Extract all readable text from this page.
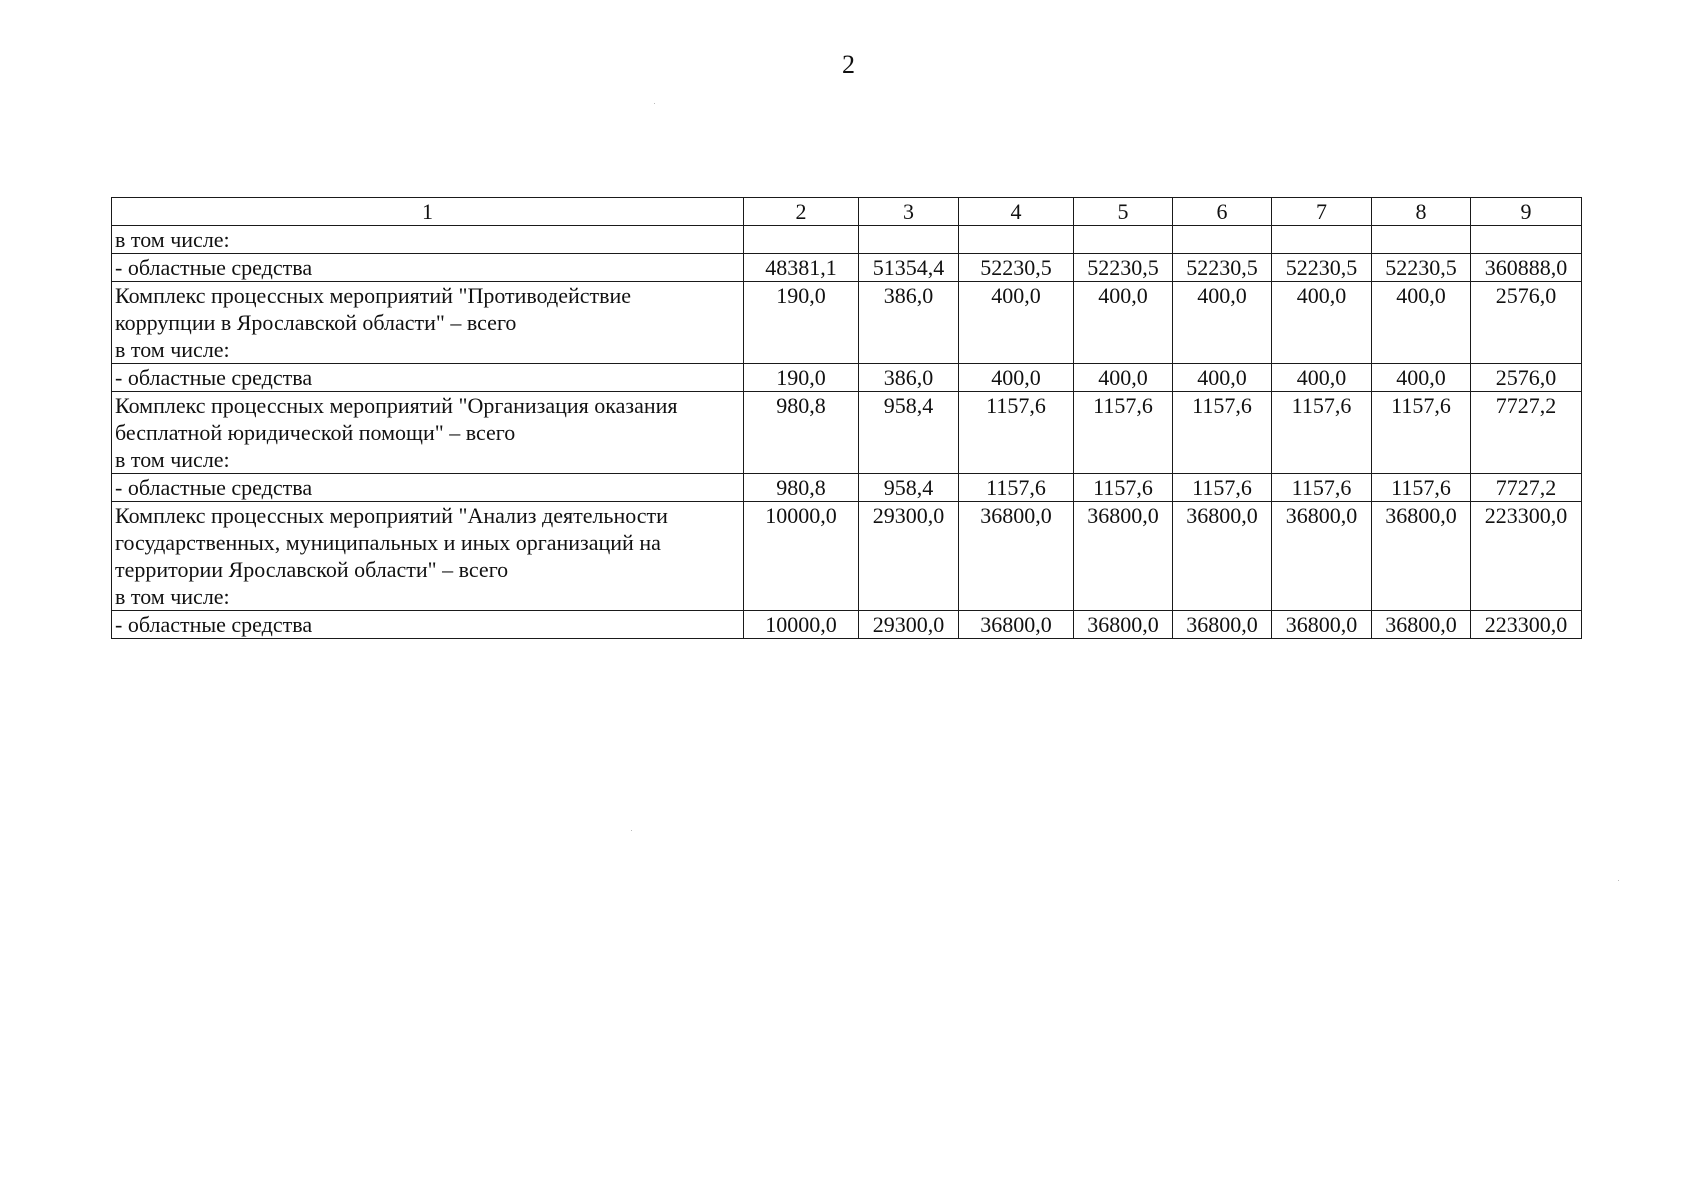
2
1	2	3	4	5	6	7	8	9

в том числе:								

- областные средства	48381,1	51354,4	52230,5	52230,5	52230,5	52230,5	52230,5	360888,0

Комплекс процессных мероприятий "Противодействие
коррупции в Ярославской области" – всего
в том числе:	190,0	386,0	400,0	400,0	400,0	400,0	400,0	2576,0

- областные средства	190,0	386,0	400,0	400,0	400,0	400,0	400,0	2576,0

Комплекс процессных мероприятий "Организация оказания
бесплатной юридической помощи" – всего
в том числе:	980,8	958,4	1157,6	1157,6	1157,6	1157,6	1157,6	7727,2

- областные средства	980,8	958,4	1157,6	1157,6	1157,6	1157,6	1157,6	7727,2

Комплекс процессных мероприятий "Анализ деятельности
государственных, муниципальных и иных организаций на
территории Ярославской области" – всего
в том числе:	10000,0	29300,0	36800,0	36800,0	36800,0	36800,0	36800,0	223300,0

- областные средства	10000,0	29300,0	36800,0	36800,0	36800,0	36800,0	36800,0	223300,0
